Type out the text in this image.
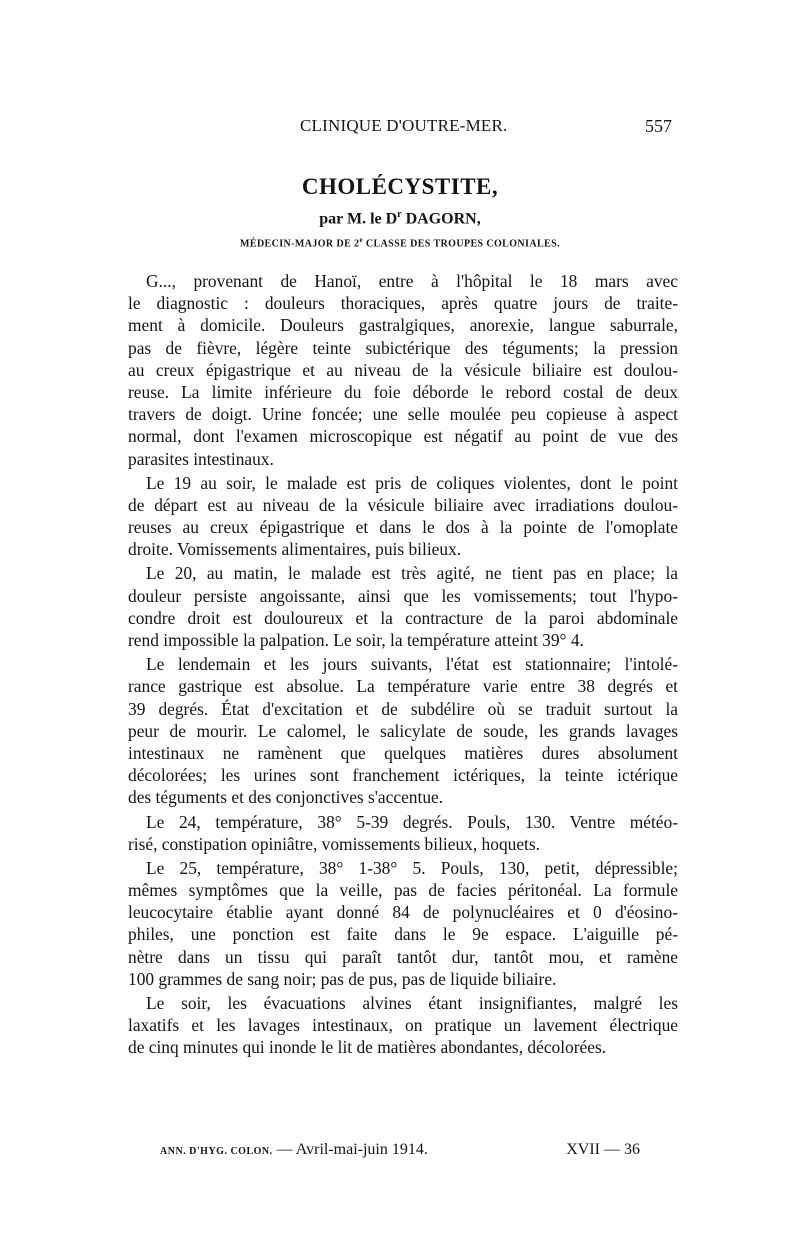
CLINIQUE D'OUTRE-MER.	557
CHOLÉCYSTITE,
par M. le $D^r$ DAGORN,
MÉDECIN-MAJOR DE 2e CLASSE DES TROUPES COLONIALES.
G..., provenant de Hanoï, entre à l'hôpital le 18 mars avec
le diagnostic : douleurs thoraciques, après quatre jours de traite-
ment à domicile. Douleurs gastralgiques, anorexie, langue saburrale,
pas de fièvre, légère teinte subictérique des téguments; la pression
au creux épigastrique et au niveau de la vésicule biliaire est doulou-
reuse. La limite inférieure du foie déborde le rebord costal de deux
travers de doigt. Urine foncée; une selle moulée peu copieuse à aspect
normal, dont l'examen microscopique est négatif au point de vue des
parasites intestinaux.
Le 19 au soir, le malade est pris de coliques violentes, dont le point
de départ est au niveau de la vésicule biliaire avec irradiations doulou-
reuses au creux épigastrique et dans le dos à la pointe de l'omoplate
droite. Vomissements alimentaires, puis bilieux.
Le 20, au matin, le malade est très agité, ne tient pas en place; la
douleur persiste angoissante, ainsi que les vomissements; tout l'hypo-
condre droit est douloureux et la contracture de la paroi abdominale
rend impossible la palpation. Le soir, la température atteint 39° 4.
Le lendemain et les jours suivants, l'état est stationnaire; l'intolé-
rance gastrique est absolue. La température varie entre 38 degrés et
39 degrés. État d'excitation et de subdélire où se traduit surtout la
peur de mourir. Le calomel, le salicylate de soude, les grands lavages
intestinaux ne ramènent que quelques matières dures absolument
décolorées; les urines sont franchement ictériques, la teinte ictérique
des téguments et des conjonctives s'accentue.
Le 24, température, 38° 5-39 degrés. Pouls, 130. Ventre météo-
risé, constipation opiniâtre, vomissements bilieux, hoquets.
Le 25, température, 38° 1-38° 5. Pouls, 130, petit, dépressible;
mêmes symptômes que la veille, pas de facies péritonéal. La formule
leucocytaire établie ayant donné 84 de polynucléaires et 0 d'éosino-
philes, une ponction est faite dans le 9e espace. L'aiguille pé-
nètre dans un tissu qui paraît tantôt dur, tantôt mou, et ramène
100 grammes de sang noir; pas de pus, pas de liquide biliaire.
Le soir, les évacuations alvines étant insignifiantes, malgré les
laxatifs et les lavages intestinaux, on pratique un lavement électrique
de cinq minutes qui inonde le lit de matières abondantes, décolorées.
ANN. D'HYG. COLON. — Avril-mai-juin 1914.	XVII — 36
